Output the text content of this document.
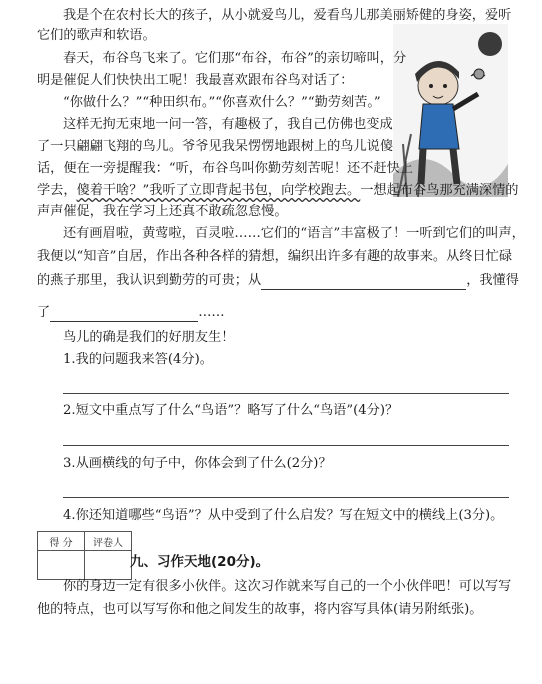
我是个在农村长大的孩子，从小就爱鸟儿，爱看鸟儿那美丽矫健的身姿，爱听
它们的歌声和软语。
春天，布谷鸟飞来了。它们那“布谷，布谷”的亲切啼叫，分
明是催促人们快快出工呢！我最喜欢跟布谷鸟对话了：
“你做什么？”“种田织布。”“你喜欢什么？”“勤劳刻苦。”
这样无拘无束地一问一答，有趣极了，我自己仿佛也变成
了一只翩翩飞翔的鸟儿。爷爷见我呆愣愣地跟树上的鸟儿说傻
话，便在一旁提醒我：“听，布谷鸟叫你勤劳刻苦呢！还不赶快上
学去，傻着干啥？”我听了立即背起书包，向学校跑去。一想起布谷鸟那充满深情的
声声催促，我在学习上还真不敢疏忽怠慢。
还有画眉啦，黄莺啦，百灵啦……它们的“语言”丰富极了！一听到它们的叫声，
我便以“知音”自居，作出各种各样的猜想，编织出许多有趣的故事来。从终日忙碌
的燕子那里，我认识到勤劳的可贵；从	，我懂得
了	……
鸟儿的确是我们的好朋友生！
1.我的问题我来答(4分)。
2.短文中重点写了什么“鸟语”？略写了什么“鸟语”(4分)？
3.从画横线的句子中，你体会到了什么(2分)？
4.你还知道哪些“鸟语”？从中受到了什么启发？写在短文中的横线上(3分)。
得 分	评卷人

九、习作天地(20分)。
你的身边一定有很多小伙伴。这次习作就来写自己的一个小伙伴吧！可以写写
他的特点，也可以写写你和他之间发生的故事，将内容写具体(请另附纸张)。
